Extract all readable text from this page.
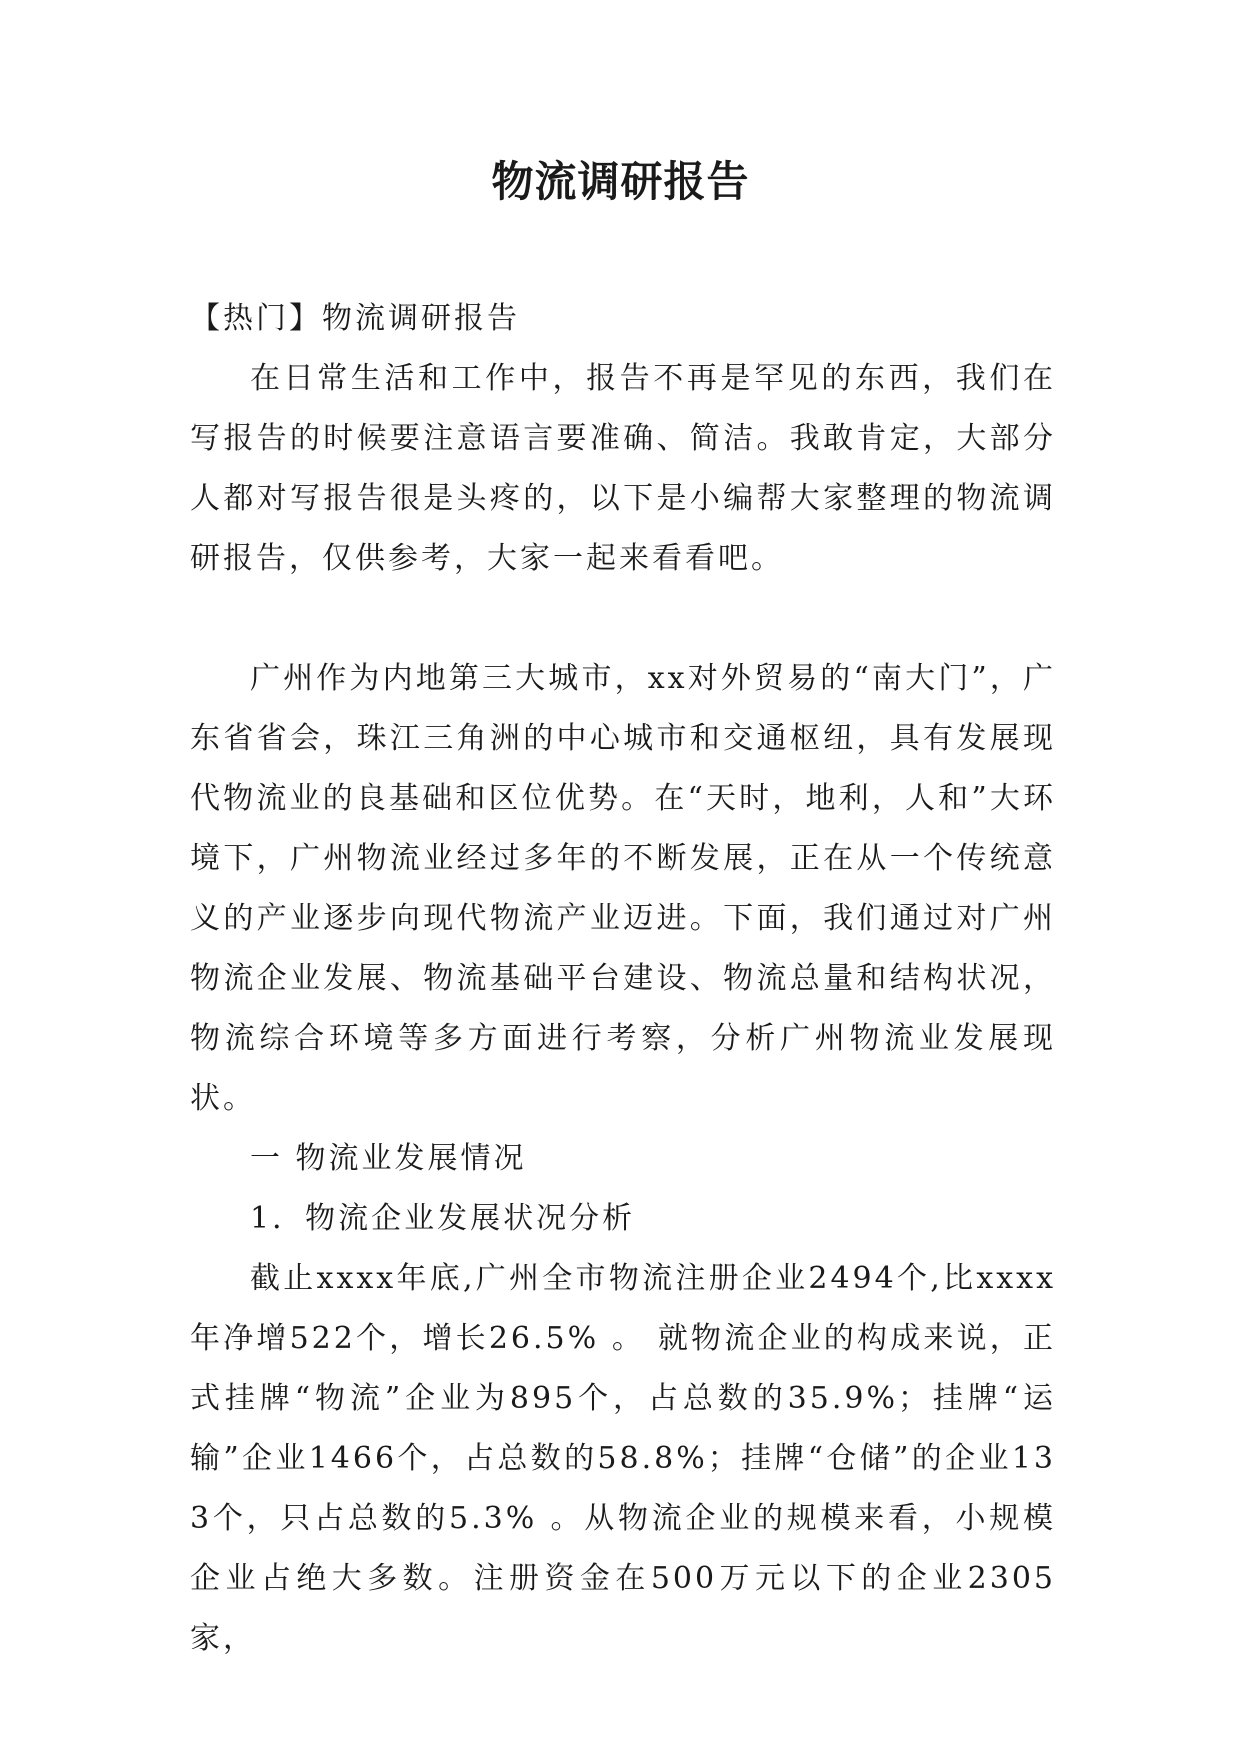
物流调研报告

【热门】物流调研报告

在日常生活和工作中，报告不再是罕见的东西，我们在写报告的时候要注意语言要准确、简洁。我敢肯定，大部分人都对写报告很是头疼的，以下是小编帮大家整理的物流调研报告，仅供参考，大家一起来看看吧。

广州作为内地第三大城市，xx对外贸易的“南大门”，广东省省会，珠江三角洲的中心城市和交通枢纽，具有发展现代物流业的良基础和区位优势。在“天时，地利，人和”大环境下，广州物流业经过多年的不断发展，正在从一个传统意义的产业逐步向现代物流产业迈进。下面，我们通过对广州物流企业发展、物流基础平台建设、物流总量和结构状况，物流综合环境等多方面进行考察，分析广州物流业发展现状。

一 物流业发展情况

1．物流企业发展状况分析

截止xxxx年底,广州全市物流注册企业2494个,比xxxx年净增522个，增长26.5% 。 就物流企业的构成来说，正式挂牌“物流”企业为895个，占总数的35.9%；挂牌“运输”企业1466个，占总数的58.8%；挂牌“仓储”的企业133个，只占总数的5.3% 。从物流企业的规模来看，小规模企业占绝大多数。注册资金在500万元以下的企业2305家，
